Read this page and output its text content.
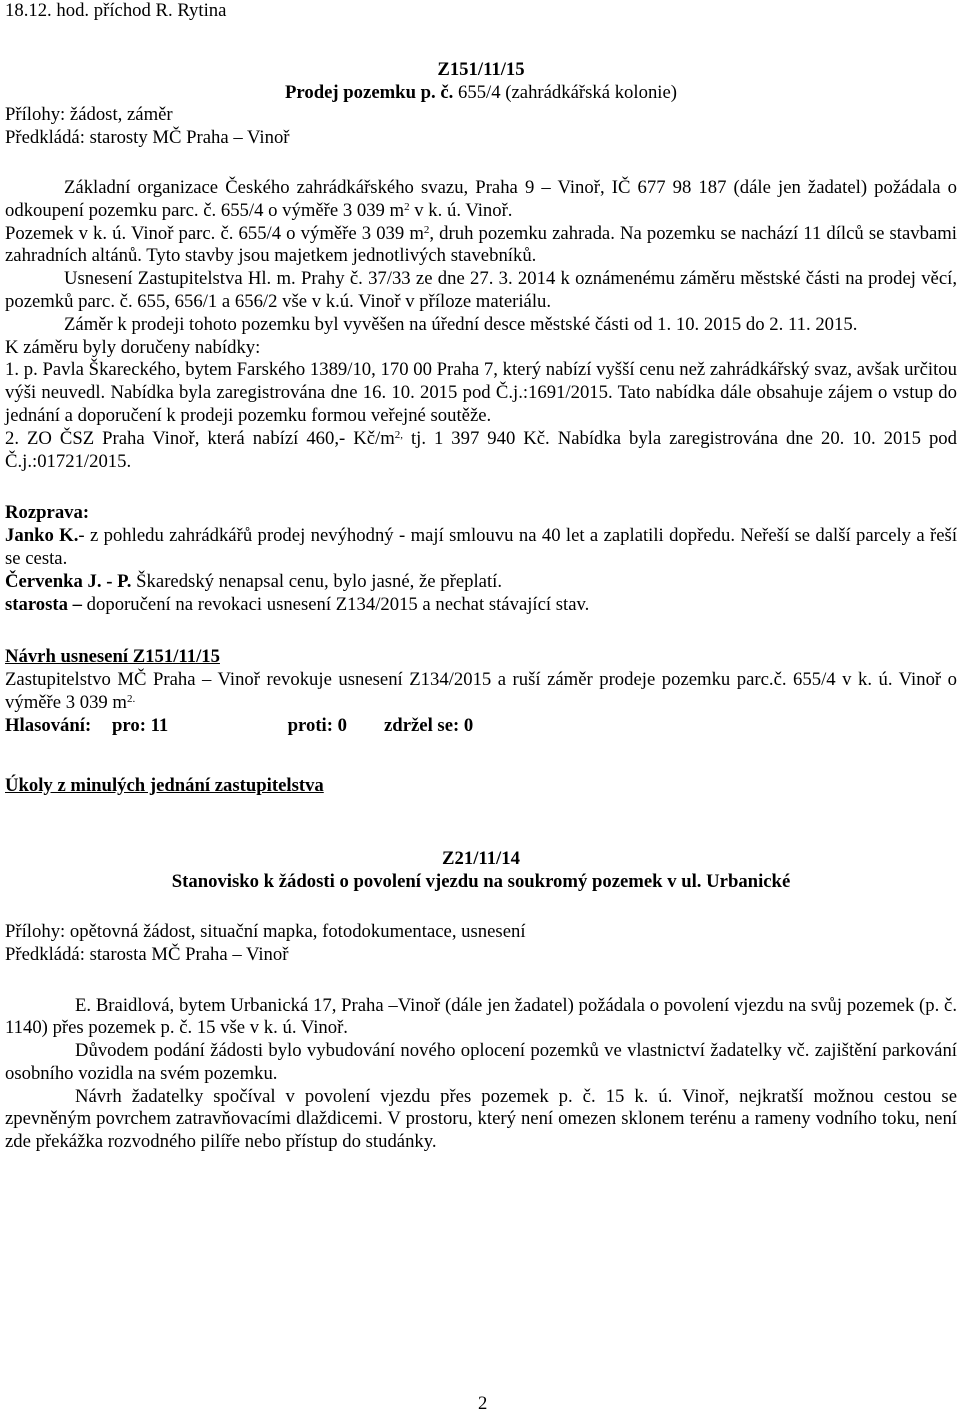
18.12. hod. příchod R. Rytina

Z151/11/15

Prodej pozemku p. č. 655/4 (zahrádkářská kolonie)

Přílohy: žádost, záměr

Předkládá: starosty MČ Praha – Vinoř

Základní organizace Českého zahrádkářského svazu, Praha 9 – Vinoř, IČ 677 98 187 (dále jen žadatel) požádala o odkoupení pozemku parc. č. 655/4 o výměře 3 039 $m^2$ v k. ú. Vinoř.

Pozemek v k. ú. Vinoř parc. č. 655/4 o výměře 3 039 $m^2$, druh pozemku zahrada. Na pozemku se nachází 11 dílců se stavbami zahradních altánů. Tyto stavby jsou majetkem jednotlivých stavebníků.

Usnesení Zastupitelstva Hl. m. Prahy č. 37/33 ze dne 27. 3. 2014 k oznámenému záměru městské části na prodej věcí, pozemků parc. č. 655, 656/1 a 656/2 vše v k.ú. Vinoř v příloze materiálu.

Záměr k prodeji tohoto pozemku byl vyvěšen na úřední desce městské části od 1. 10. 2015 do 2. 11. 2015.

K záměru byly doručeny nabídky:

1. p. Pavla Škareckého, bytem Farského 1389/10, 170 00 Praha 7, který nabízí vyšší cenu než zahrádkářský svaz, avšak určitou výši neuvedl. Nabídka byla zaregistrována dne 16. 10. 2015 pod Č.j.:1691/2015. Tato nabídka dále obsahuje zájem o vstup do jednání a doporučení k prodeji pozemku formou veřejné soutěže.

2. ZO ČSZ Praha Vinoř, která nabízí 460,- $Kč/m^{2,}$ tj. 1 397 940 Kč. Nabídka byla zaregistrována dne 20. 10. 2015 pod Č.j.:01721/2015.

Rozprava:

Janko K.- z pohledu zahrádkářů prodej nevýhodný - mají smlouvu na 40 let a zaplatili dopředu. Neřeší se další parcely a řeší se cesta.

Červenka J. - P. Škaredský nenapsal cenu, bylo jasné, že přeplatí.

starosta – doporučení na revokaci usnesení Z134/2015 a nechat stávající stav.

Návrh usnesení Z151/11/15

Zastupitelstvo MČ Praha – Vinoř revokuje usnesení Z134/2015 a ruší záměr prodeje pozemku parc.č. 655/4 v k. ú. Vinoř o výměře 3 039 $m^{2.}$

Hlasování: pro: 11	proti: 0 zdržel se: 0

Úkoly z minulých jednání zastupitelstva

Z21/11/14

Stanovisko k žádosti o povolení vjezdu na soukromý pozemek v ul. Urbanické

Přílohy: opětovná žádost, situační mapka, fotodokumentace, usnesení

Předkládá: starosta MČ Praha – Vinoř

E. Braidlová, bytem Urbanická 17, Praha –Vinoř (dále jen žadatel) požádala o povolení vjezdu na svůj pozemek (p. č. 1140) přes pozemek p. č. 15 vše v k. ú. Vinoř.

Důvodem podání žádosti bylo vybudování nového oplocení pozemků ve vlastnictví žadatelky vč. zajištění parkování osobního vozidla na svém pozemku.

Návrh žadatelky spočíval v povolení vjezdu přes pozemek p. č. 15 k. ú. Vinoř, nejkratší možnou cestou se zpevněným povrchem zatravňovacími dlaždicemi. V prostoru, který není omezen sklonem terénu a rameny vodního toku, není zde překážka rozvodného pilíře nebo přístup do studánky.

2
